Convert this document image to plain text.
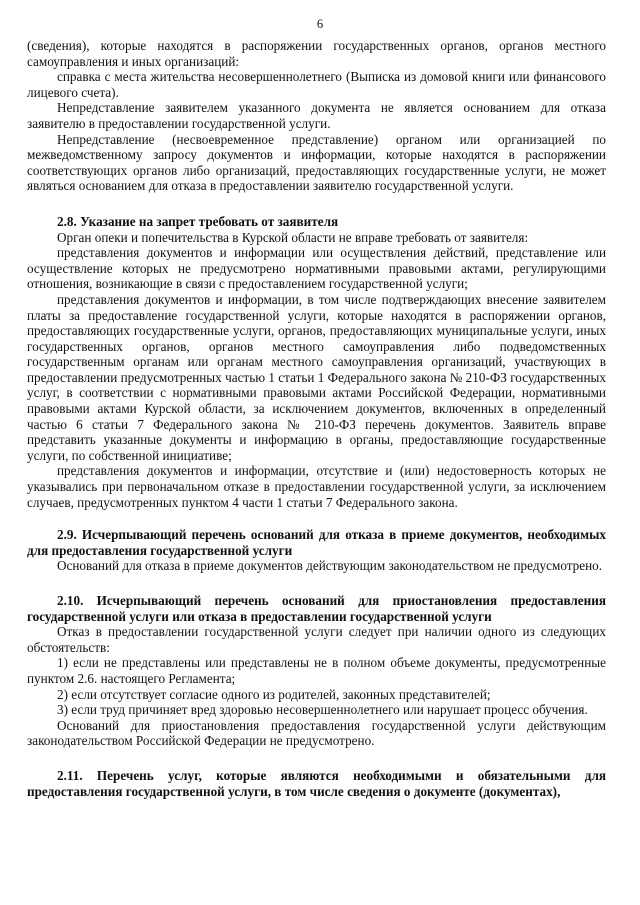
6

(сведения), которые находятся в распоряжении государственных органов, органов местного самоуправления и иных организаций:

справка с места жительства несовершеннолетнего (Выписка из домовой книги или финансового лицевого счета).

Непредставление заявителем указанного документа не является основанием для отказа заявителю в предоставлении государственной услуги.

Непредставление (несвоевременное представление) органом или организацией по межведомственному запросу документов и информации, которые находятся в распоряжении соответствующих органов либо организаций, предоставляющих государственные услуги, не может являться основанием для отказа в предоставлении заявителю государственной услуги.

2.8. Указание на запрет требовать от заявителя

Орган опеки и попечительства в Курской области не вправе требовать от заявителя:

представления документов и информации или осуществления действий, представление или осуществление которых не предусмотрено нормативными правовыми актами, регулирующими отношения, возникающие в связи с предоставлением государственной услуги;

представления документов и информации, в том числе подтверждающих внесение заявителем платы за предоставление государственной услуги, которые находятся в распоряжении органов, предоставляющих государственные услуги, органов, предоставляющих муниципальные услуги, иных государственных органов, органов местного самоуправления либо подведомственных государственным органам или органам местного самоуправления организаций, участвующих в предоставлении предусмотренных частью 1 статьи 1 Федерального закона № 210-ФЗ государственных услуг, в соответствии с нормативными правовыми актами Российской Федерации, нормативными правовыми актами Курской области, за исключением документов, включенных в определенный частью 6 статьи 7 Федерального закона № 210-ФЗ перечень документов. Заявитель вправе представить указанные документы и информацию в органы, предоставляющие государственные услуги, по собственной инициативе;

представления документов и информации, отсутствие и (или) недостоверность которых не указывались при первоначальном отказе в предоставлении государственной услуги, за исключением случаев, предусмотренных пунктом 4 части 1 статьи 7 Федерального закона.

2.9. Исчерпывающий перечень оснований для отказа в приеме документов, необходимых для предоставления государственной услуги

Оснований для отказа в приеме документов действующим законодательством не предусмотрено.

2.10. Исчерпывающий перечень оснований для приостановления предоставления государственной услуги или отказа в предоставлении государственной услуги

Отказ в предоставлении государственной услуги следует при наличии одного из следующих обстоятельств:

1) если не представлены или представлены не в полном объеме документы, предусмотренные пунктом 2.6. настоящего Регламента;

2) если отсутствует согласие одного из родителей, законных представителей;

3) если труд причиняет вред здоровью несовершеннолетнего или нарушает процесс обучения.

Оснований для приостановления предоставления государственной услуги действующим законодательством Российской Федерации не предусмотрено.

2.11. Перечень услуг, которые являются необходимыми и обязательными для предоставления государственной услуги, в том числе сведения о документе (документах),
